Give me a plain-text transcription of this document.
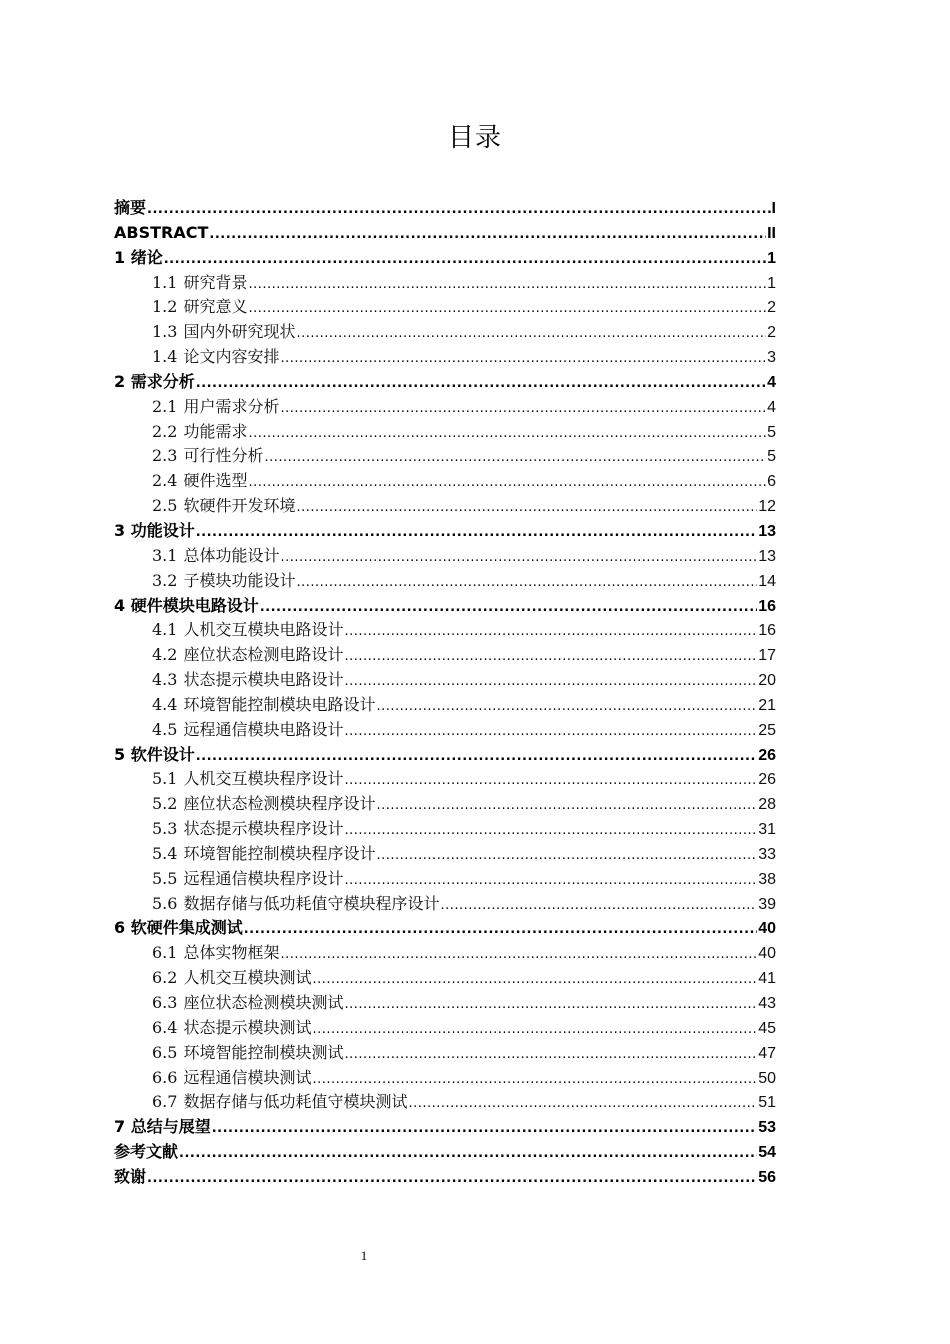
目录
摘要 .....	I
ABSTRACT .....	II
1 绪论 .....	1
1.1 研究背景 .....	1
1.2 研究意义 .....	2
1.3 国内外研究现状 .....	2
1.4 论文内容安排 .....	3
2 需求分析 .....	4
2.1 用户需求分析 .....	4
2.2 功能需求 .....	5
2.3 可行性分析 .....	5
2.4 硬件选型 .....	6
2.5 软硬件开发环境 .....	12
3 功能设计 .....	13
3.1 总体功能设计 .....	13
3.2 子模块功能设计 .....	14
4 硬件模块电路设计 .....	16
4.1 人机交互模块电路设计 .....	16
4.2 座位状态检测电路设计 .....	17
4.3 状态提示模块电路设计 .....	20
4.4 环境智能控制模块电路设计 .....	21
4.5 远程通信模块电路设计 .....	25
5 软件设计 .....	26
5.1 人机交互模块程序设计 .....	26
5.2 座位状态检测模块程序设计 .....	28
5.3 状态提示模块程序设计 .....	31
5.4 环境智能控制模块程序设计 .....	33
5.5 远程通信模块程序设计 .....	38
5.6 数据存储与低功耗值守模块程序设计 .....	39
6 软硬件集成测试 .....	40
6.1 总体实物框架 .....	40
6.2 人机交互模块测试 .....	41
6.3 座位状态检测模块测试 .....	43
6.4 状态提示模块测试 .....	45
6.5 环境智能控制模块测试 .....	47
6.6 远程通信模块测试 .....	50
6.7 数据存储与低功耗值守模块测试 .....	51
7 总结与展望 .....	53
参考文献 .....	54
致谢 .....	56
1
